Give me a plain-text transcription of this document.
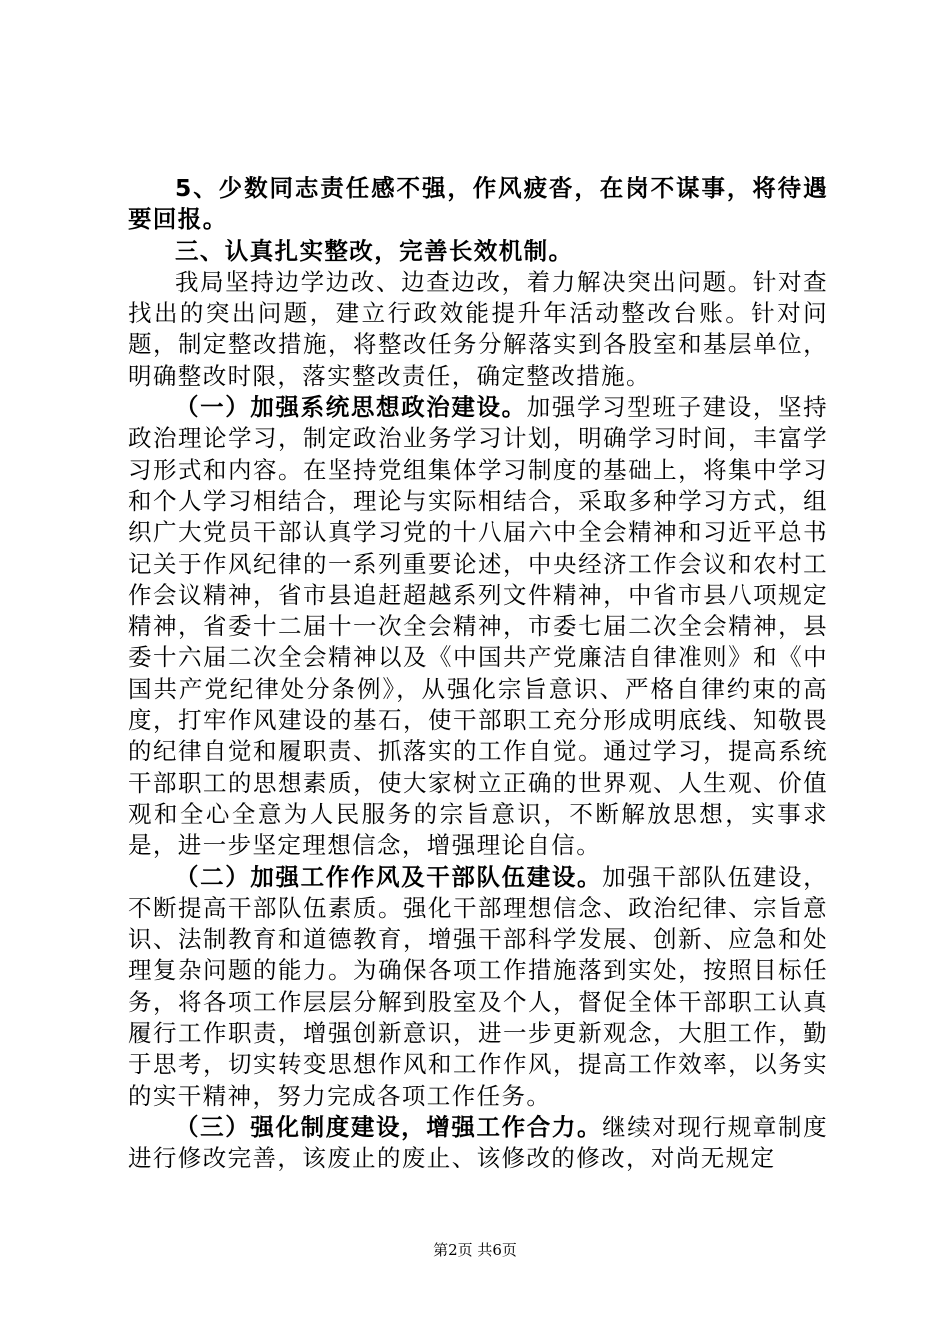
5、少数同志责任感不强，作风疲沓，在岗不谋事，将待遇要回报。

三、认真扎实整改，完善长效机制。

我局坚持边学边改、边查边改，着力解决突出问题。针对查找出的突出问题，建立行政效能提升年活动整改台账。针对问题，制定整改措施，将整改任务分解落实到各股室和基层单位，明确整改时限，落实整改责任，确定整改措施。

（一）加强系统思想政治建设。加强学习型班子建设，坚持政治理论学习，制定政治业务学习计划，明确学习时间，丰富学习形式和内容。在坚持党组集体学习制度的基础上，将集中学习和个人学习相结合，理论与实际相结合，采取多种学习方式，组织广大党员干部认真学习党的十八届六中全会精神和习近平总书记关于作风纪律的一系列重要论述，中央经济工作会议和农村工作会议精神，省市县追赶超越系列文件精神，中省市县八项规定精神，省委十二届十一次全会精神，市委七届二次全会精神，县委十六届二次全会精神以及《中国共产党廉洁自律准则》和《中国共产党纪律处分条例》，从强化宗旨意识、严格自律约束的高度，打牢作风建设的基石，使干部职工充分形成明底线、知敬畏的纪律自觉和履职责、抓落实的工作自觉。通过学习，提高系统干部职工的思想素质，使大家树立正确的世界观、人生观、价值观和全心全意为人民服务的宗旨意识，不断解放思想，实事求是，进一步坚定理想信念，增强理论自信。

（二）加强工作作风及干部队伍建设。加强干部队伍建设，不断提高干部队伍素质。强化干部理想信念、政治纪律、宗旨意识、法制教育和道德教育，增强干部科学发展、创新、应急和处理复杂问题的能力。为确保各项工作措施落到实处，按照目标任务，将各项工作层层分解到股室及个人，督促全体干部职工认真履行工作职责，增强创新意识，进一步更新观念，大胆工作，勤于思考，切实转变思想作风和工作作风，提高工作效率，以务实的实干精神，努力完成各项工作任务。

（三）强化制度建设，增强工作合力。继续对现行规章制度进行修改完善，该废止的废止、该修改的修改，对尚无规定

第2页 共6页
